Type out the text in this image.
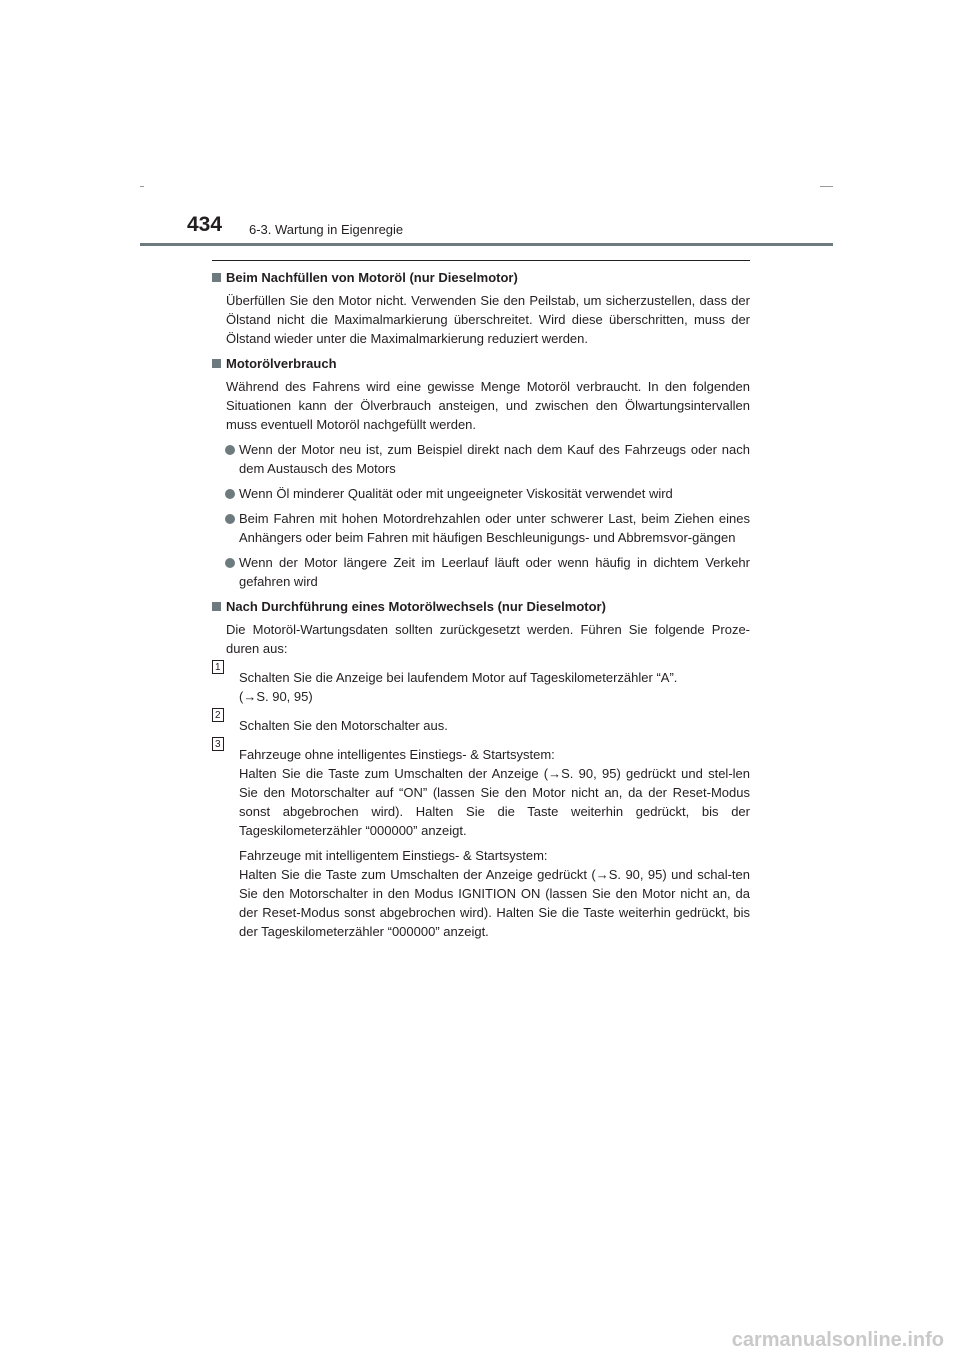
434 6-3. Wartung in Eigenregie

Beim Nachfüllen von Motoröl (nur Dieselmotor)

Überfüllen Sie den Motor nicht. Verwenden Sie den Peilstab, um sicherzustellen, dass der Ölstand nicht die Maximalmarkierung überschreitet. Wird diese überschritten, muss der Ölstand wieder unter die Maximalmarkierung reduziert werden.

Motorölverbrauch

Während des Fahrens wird eine gewisse Menge Motoröl verbraucht. In den folgenden Situationen kann der Ölverbrauch ansteigen, und zwischen den Ölwartungsintervallen muss eventuell Motoröl nachgefüllt werden.

Wenn der Motor neu ist, zum Beispiel direkt nach dem Kauf des Fahrzeugs oder nach dem Austausch des Motors

Wenn Öl minderer Qualität oder mit ungeeigneter Viskosität verwendet wird

Beim Fahren mit hohen Motordrehzahlen oder unter schwerer Last, beim Ziehen eines Anhängers oder beim Fahren mit häufigen Beschleunigungs- und Abbremsvor-gängen

Wenn der Motor längere Zeit im Leerlauf läuft oder wenn häufig in dichtem Verkehr gefahren wird

Nach Durchführung eines Motorölwechsels (nur Dieselmotor)

Die Motoröl-Wartungsdaten sollten zurückgesetzt werden. Führen Sie folgende Proze-duren aus:

1
Schalten Sie die Anzeige bei laufendem Motor auf Tageskilometerzähler “A”.
(→S. 90, 95)

2
Schalten Sie den Motorschalter aus.

3
Fahrzeuge ohne intelligentes Einstiegs- & Startsystem:
Halten Sie die Taste zum Umschalten der Anzeige (→S. 90, 95) gedrückt und stel-len Sie den Motorschalter auf “ON” (lassen Sie den Motor nicht an, da der Reset-Modus sonst abgebrochen wird). Halten Sie die Taste weiterhin gedrückt, bis der Tageskilometerzähler “000000” anzeigt.

Fahrzeuge mit intelligentem Einstiegs- & Startsystem:
Halten Sie die Taste zum Umschalten der Anzeige gedrückt (→S. 90, 95) und schal-ten Sie den Motorschalter in den Modus IGNITION ON (lassen Sie den Motor nicht an, da der Reset-Modus sonst abgebrochen wird). Halten Sie die Taste weiterhin gedrückt, bis der Tageskilometerzähler “000000” anzeigt.

carmanualsonline.info
